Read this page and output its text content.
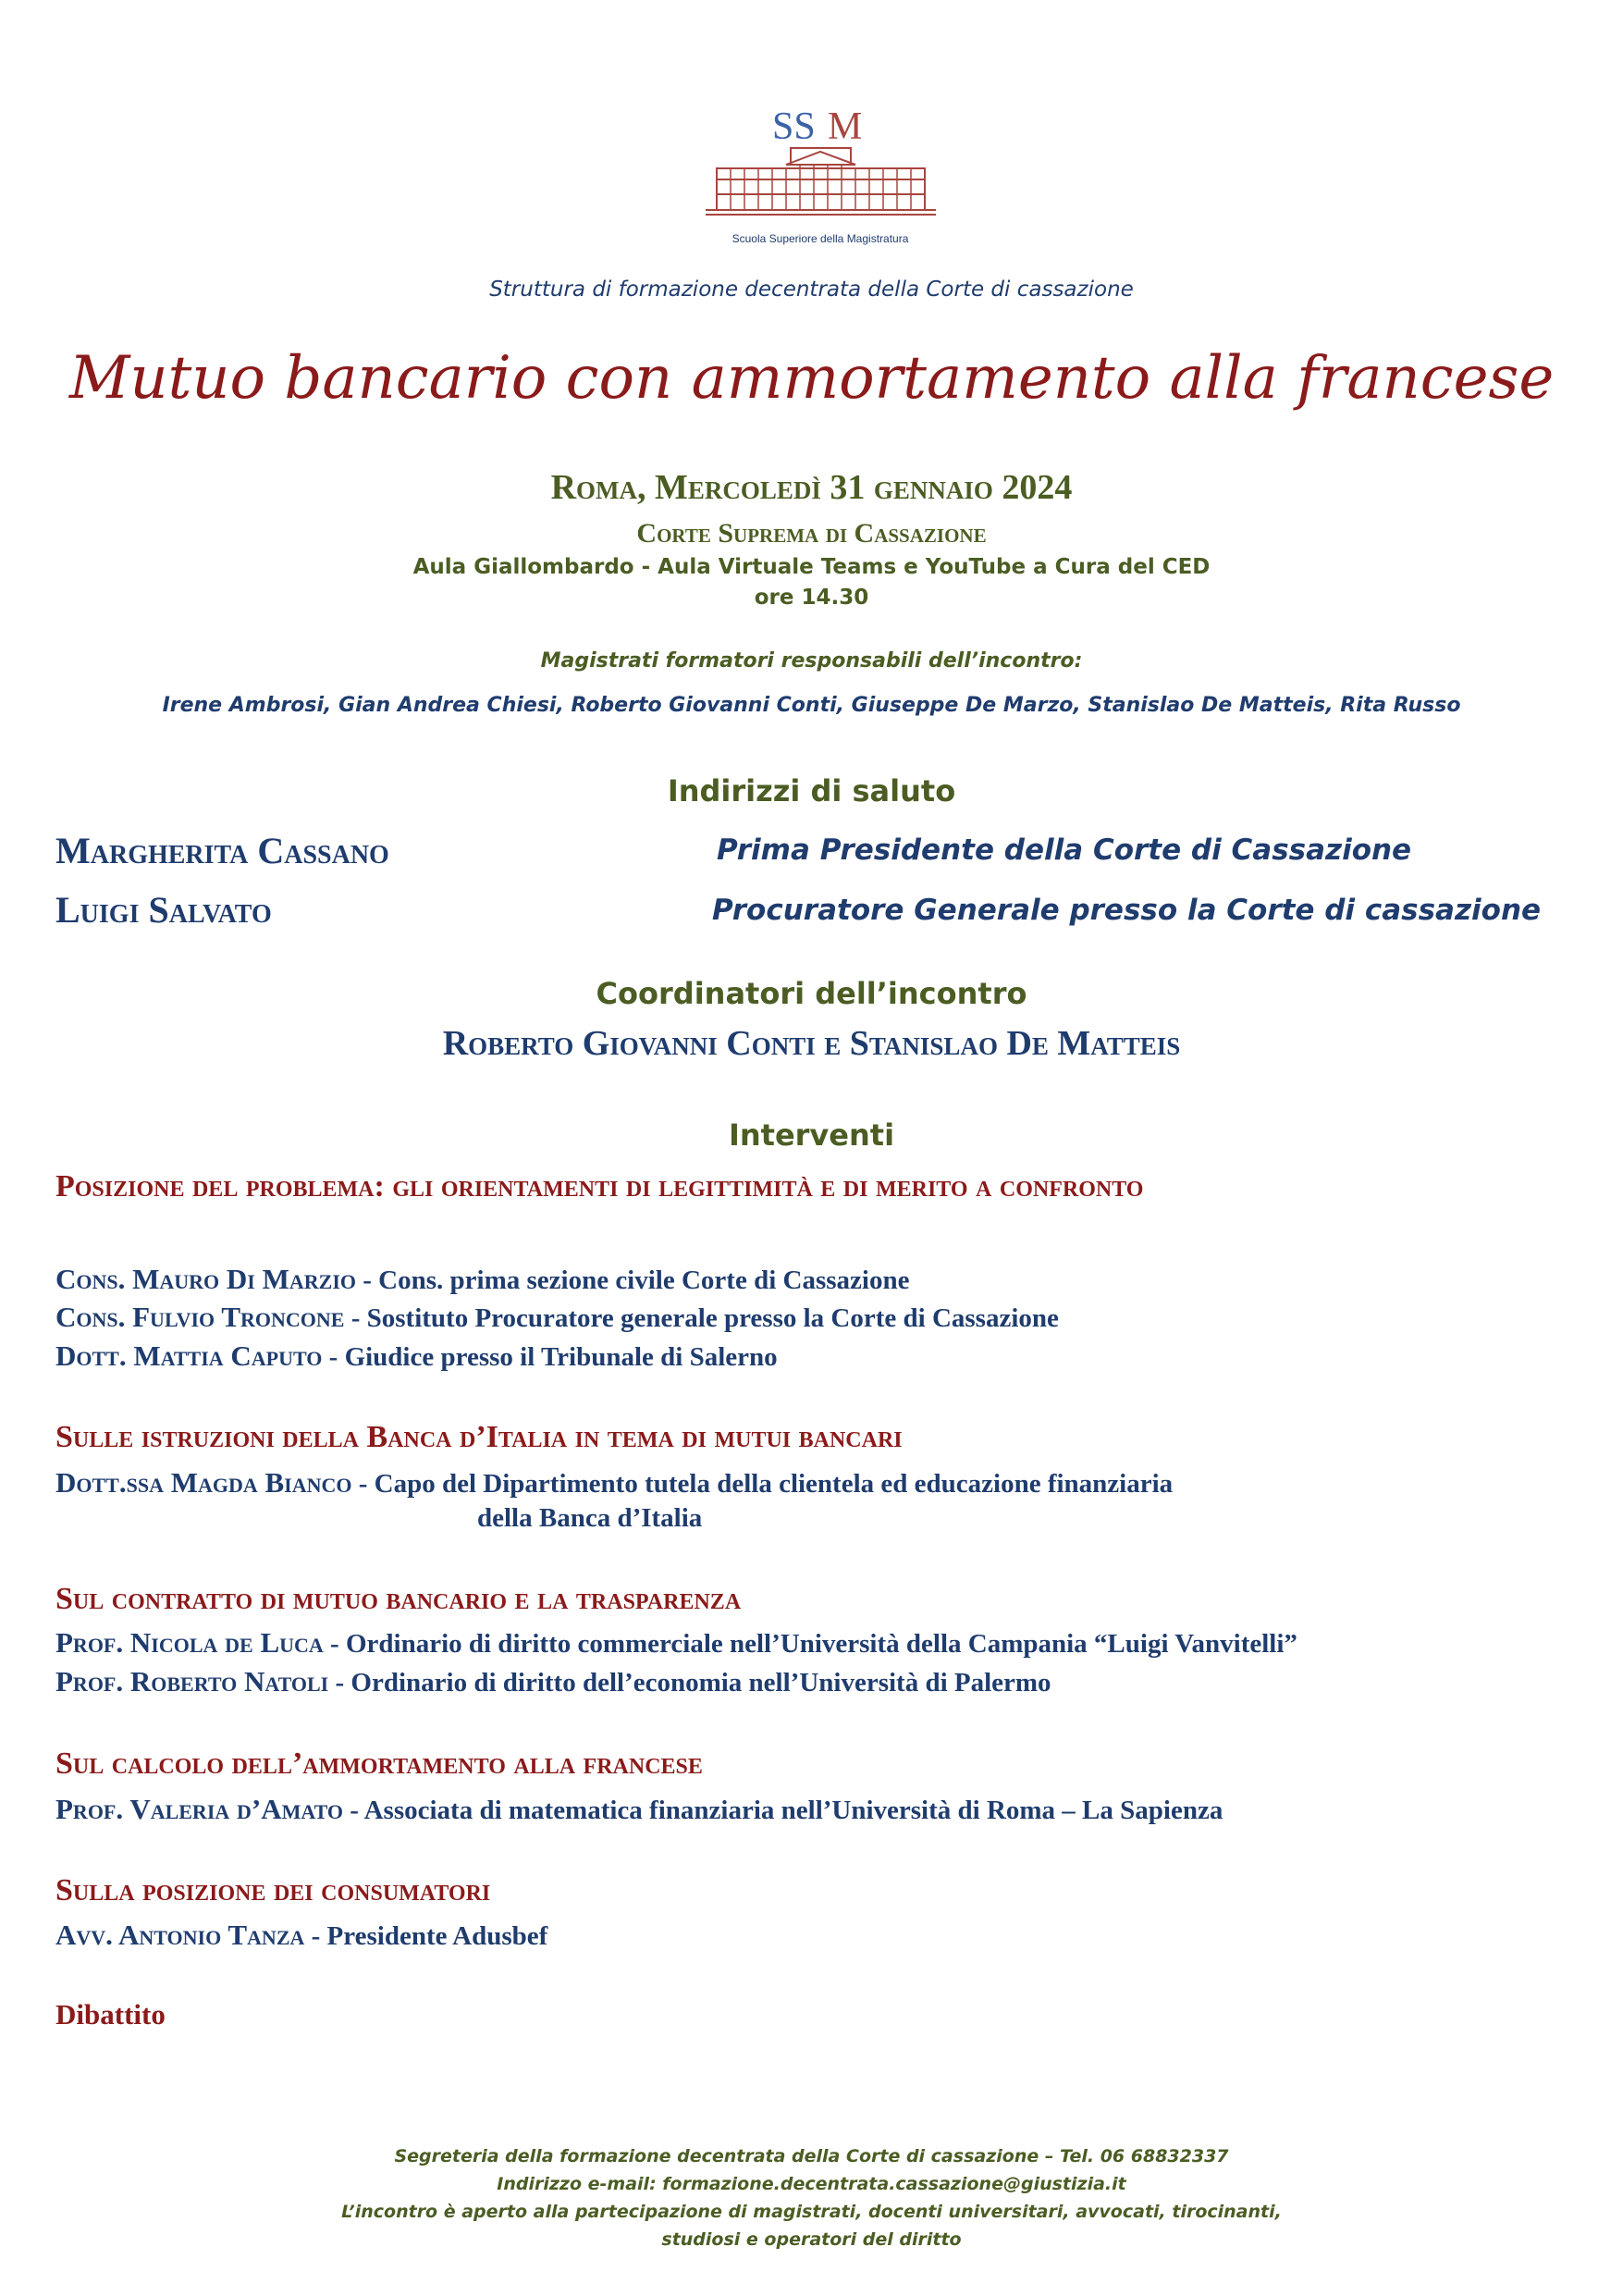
SS M
Scuola Superiore della Magistratura
Struttura di formazione decentrata della Corte di cassazione
Mutuo bancario con ammortamento alla francese
Roma, Mercoledì 31 gennaio 2024
Corte Suprema di Cassazione
Aula Giallombardo - Aula Virtuale Teams e YouTube a Cura del CED
ore 14.30
Magistrati formatori responsabili dell’incontro:
Irene Ambrosi, Gian Andrea Chiesi, Roberto Giovanni Conti, Giuseppe De Marzo, Stanislao De Matteis, Rita Russo
Indirizzi di saluto
Margherita Cassano	Prima Presidente della Corte di Cassazione
Luigi Salvato	Procuratore Generale presso la Corte di cassazione
Coordinatori dell’incontro
Roberto Giovanni Conti e Stanislao De Matteis
Interventi
Posizione del problema: gli orientamenti di legittimità e di merito a confronto
Cons. Mauro Di Marzio - Cons. prima sezione civile Corte di Cassazione
Cons. Fulvio Troncone - Sostituto Procuratore generale presso la Corte di Cassazione
Dott. Mattia Caputo - Giudice presso il Tribunale di Salerno
Sulle istruzioni della Banca d’Italia in tema di mutui bancari
Dott.ssa Magda Bianco - Capo del Dipartimento tutela della clientela ed educazione finanziaria
della Banca d’Italia
Sul contratto di mutuo bancario e la trasparenza
Prof. Nicola de Luca - Ordinario di diritto commerciale nell’Università della Campania “Luigi Vanvitelli”
Prof. Roberto Natoli - Ordinario di diritto dell’economia nell’Università di Palermo
Sul calcolo dell’ammortamento alla francese
Prof. Valeria d’Amato - Associata di matematica finanziaria nell’Università di Roma – La Sapienza
Sulla posizione dei consumatori
Avv. Antonio Tanza - Presidente Adusbef
Dibattito
Segreteria della formazione decentrata della Corte di cassazione – Tel. 06 68832337
Indirizzo e-mail: formazione.decentrata.cassazione@giustizia.it
L’incontro è aperto alla partecipazione di magistrati, docenti universitari, avvocati, tirocinanti,
studiosi e operatori del diritto
